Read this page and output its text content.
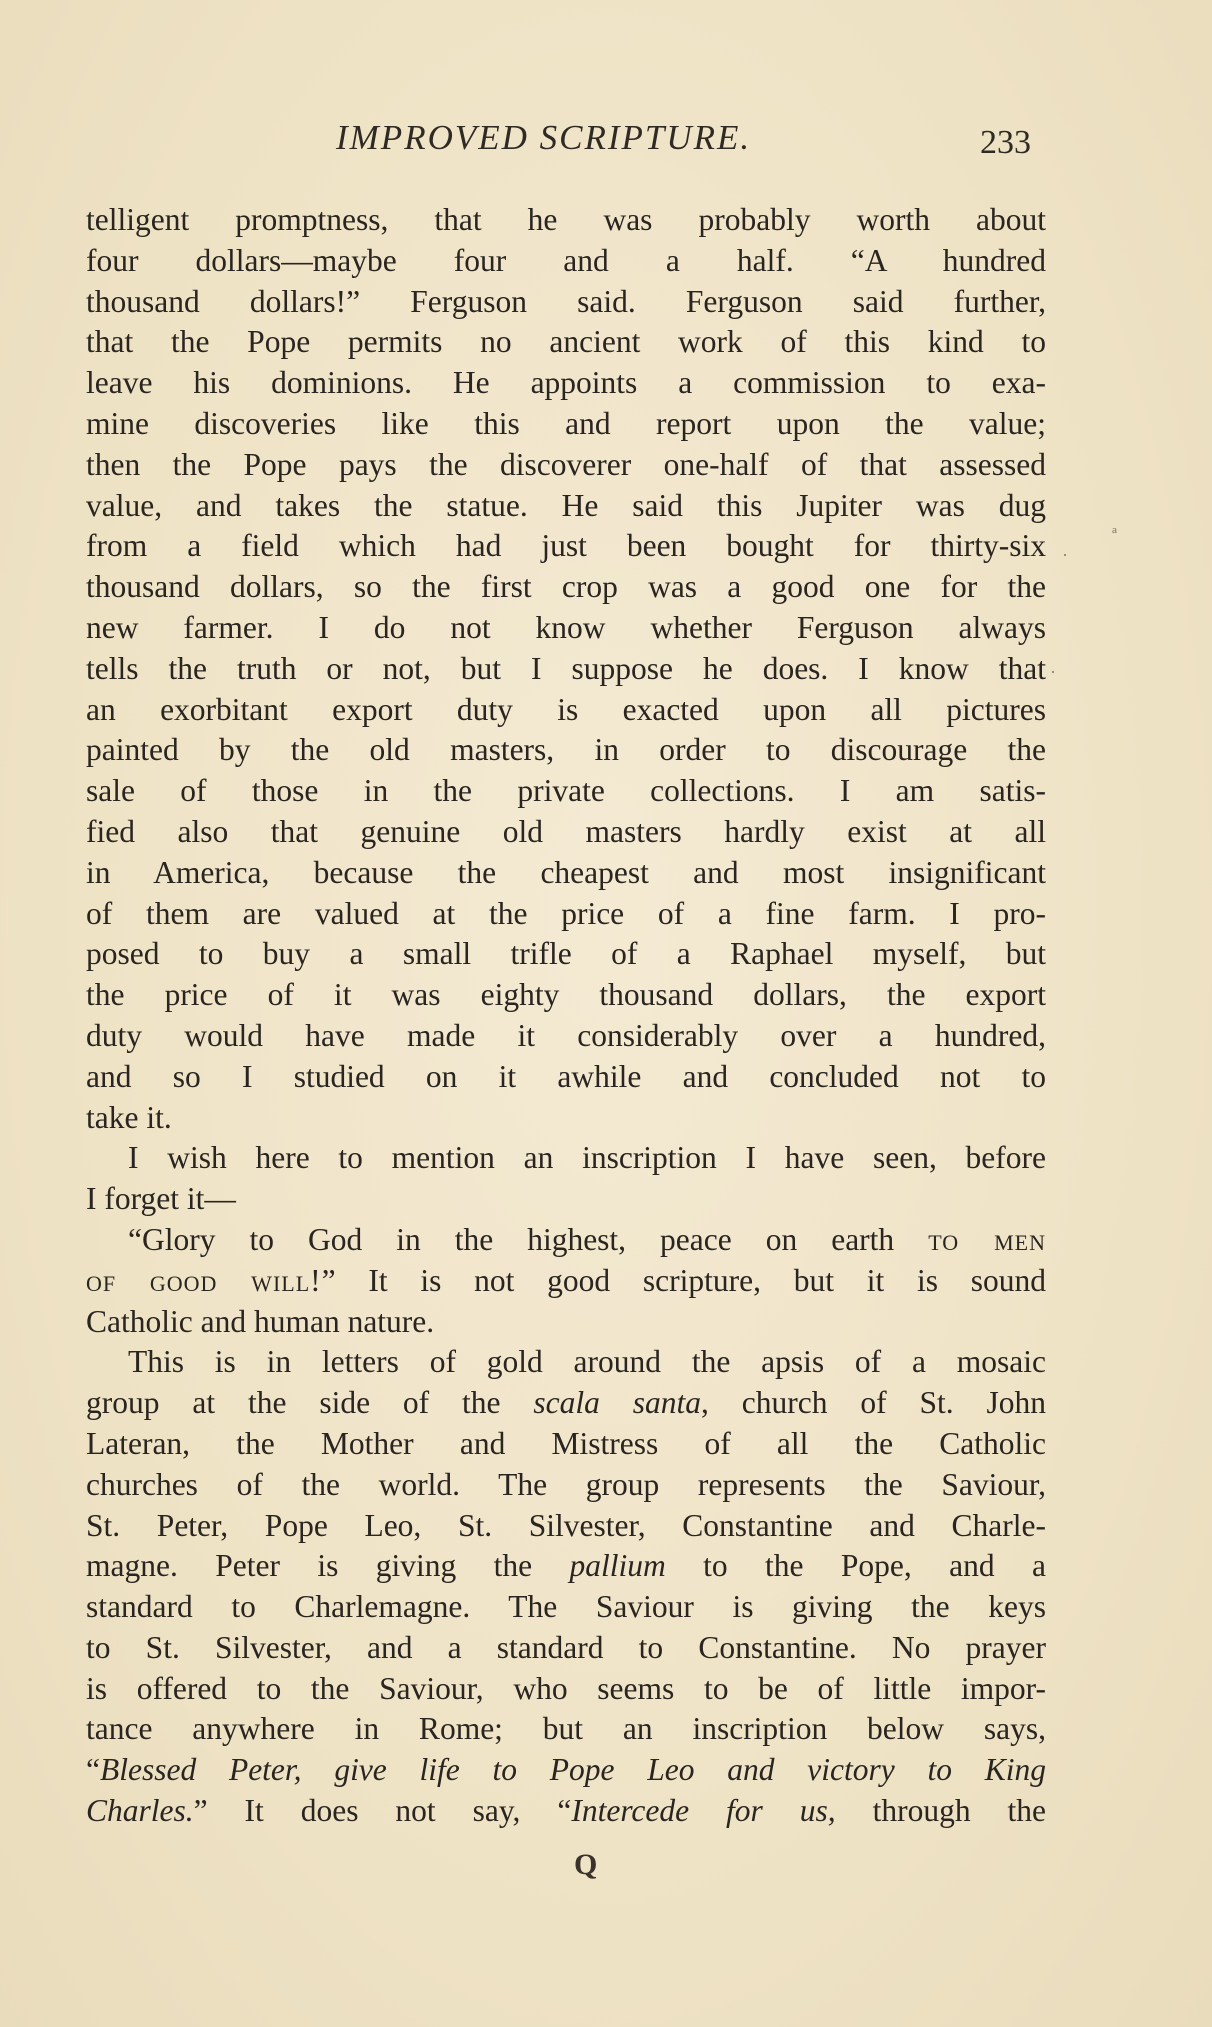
IMPROVED SCRIPTURE.	233
telligent promptness, that he was probably worth about
four dollars—maybe four and a half. “A hundred
thousand dollars!” Ferguson said. Ferguson said further,
that the Pope permits no ancient work of this kind to
leave his dominions. He appoints a commission to exa-
mine discoveries like this and report upon the value;
then the Pope pays the discoverer one-half of that assessed
value, and takes the statue. He said this Jupiter was dug
from a field which had just been bought for thirty-six
thousand dollars, so the first crop was a good one for the
new farmer. I do not know whether Ferguson always
tells the truth or not, but I suppose he does. I know that
an exorbitant export duty is exacted upon all pictures
painted by the old masters, in order to discourage the
sale of those in the private collections. I am satis-
fied also that genuine old masters hardly exist at all
in America, because the cheapest and most insignificant
of them are valued at the price of a fine farm. I pro-
posed to buy a small trifle of a Raphael myself, but
the price of it was eighty thousand dollars, the export
duty would have made it considerably over a hundred,
and so I studied on it awhile and concluded not to
take it.
I wish here to mention an inscription I have seen, before
I forget it—
“Glory to God in the highest, peace on earth to men
of good will!” It is not good scripture, but it is sound
Catholic and human nature.
This is in letters of gold around the apsis of a mosaic
group at the side of the scala santa, church of St. John
Lateran, the Mother and Mistress of all the Catholic
churches of the world. The group represents the Saviour,
St. Peter, Pope Leo, St. Silvester, Constantine and Charle-
magne. Peter is giving the pallium to the Pope, and a
standard to Charlemagne. The Saviour is giving the keys
to St. Silvester, and a standard to Constantine. No prayer
is offered to the Saviour, who seems to be of little impor-
tance anywhere in Rome; but an inscription below says,
“Blessed Peter, give life to Pope Leo and victory to King
Charles.” It does not say, “Intercede for us, through the
Q
·
ª
·
